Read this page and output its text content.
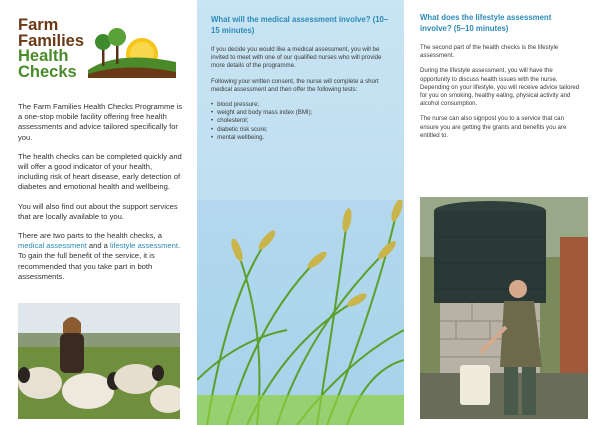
Farm
Families
Health
Checks

The Farm Families Health Checks Programme is a one-stop mobile facility offering free health assessments and advice tailored specifically for you.

The health checks can be completed quickly and will offer a good indicator of your health, including risk of heart disease, early detection of diabetes and emotional health and wellbeing.

You will also find out about the support services that are locally available to you.

There are two parts to the health checks, a medical assessment and a lifestyle assessment. To gain the full benefit of the service, it is recommended that you take part in both assessments.

What will the medical assessment involve? (10–15 minutes)

If you decide you would like a medical assessment, you will be invited to meet with one of our qualified nurses who will provide more details of the programme.

Following your written consent, the nurse will complete a short medical assessment and then offer the following tests:

• blood pressure;
• weight and body mass index (BMI);
• cholesterol;
• diabetic risk score;
• mental wellbeing.
What does the lifestyle assessment involve? (5–10 minutes)

The second part of the health checks is the lifestyle assessment.

During the lifestyle assessment, you will have the opportunity to discuss health issues with the nurse. Depending on your lifestyle, you will receive advice tailored for you on smoking, healthy eating, physical activity and alcohol consumption.

The nurse can also signpost you to a service that can ensure you are getting the grants and benefits you are entitled to.
